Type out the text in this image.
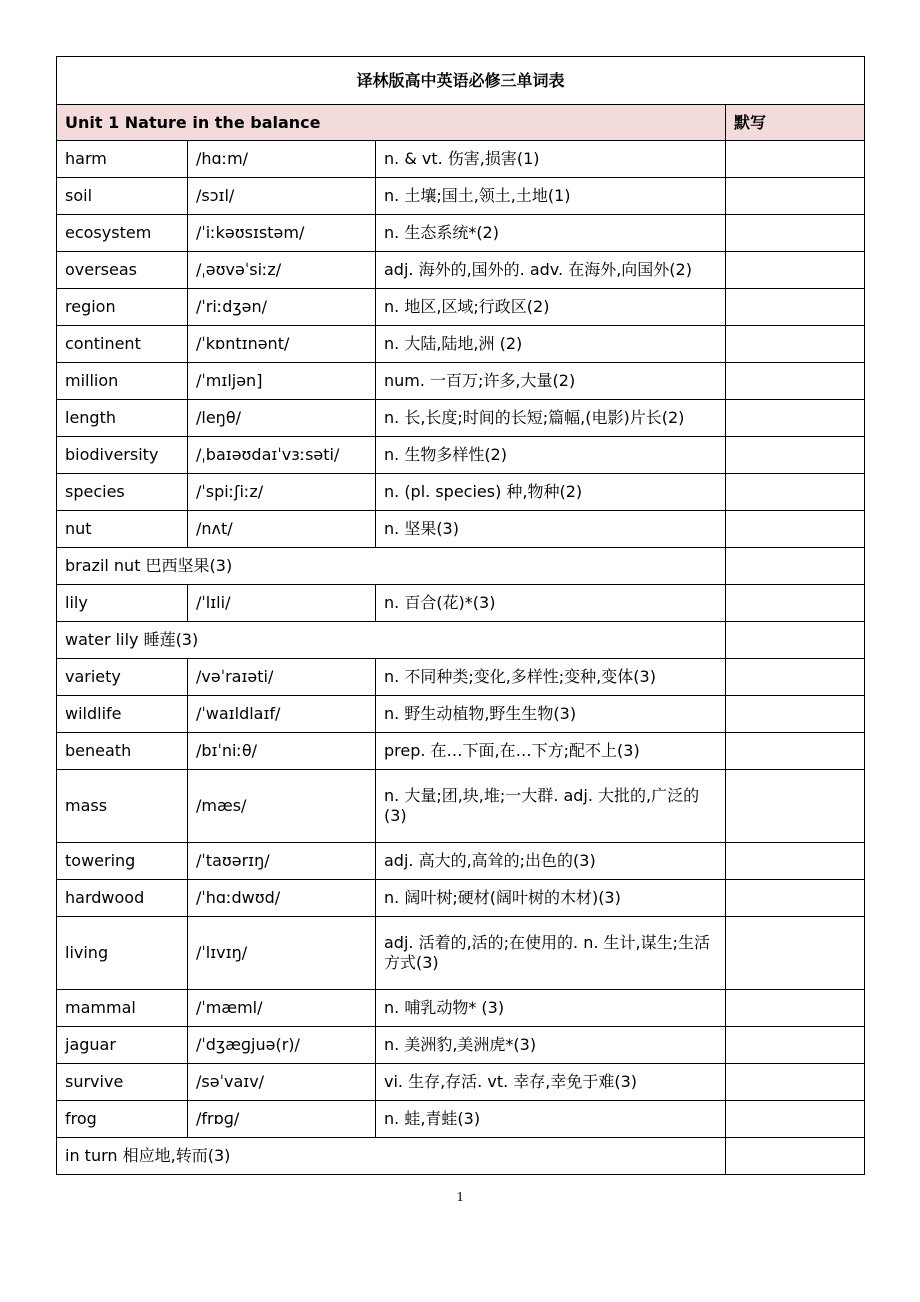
译林版高中英语必修三单词表			
Unit 1 Nature in the balance			默写
harm	/hɑːm/	n. & vt. 伤害,损害(1)	
soil	/sɔɪl/	n. 土壤;国土,领土,土地(1)	
ecosystem	/ˈiːkəʊsɪstəm/	n. 生态系统*(2)	
overseas	/ˌəʊvəˈsiːz/	adj. 海外的,国外的. adv. 在海外,向国外(2)	
region	/ˈriːdʒən/	n. 地区,区域;行政区(2)	
continent	/ˈkɒntɪnənt/	n. 大陆,陆地,洲 (2)	
million	/ˈmɪljən]	num. 一百万;许多,大量(2)	
length	/leŋθ/	n. 长,长度;时间的长短;篇幅,(电影)片长(2)	
biodiversity	/ˌbaɪəʊdaɪˈvɜːsəti/	n. 生物多样性(2)	
species	/ˈspiːʃiːz/	n. (pl. species) 种,物种(2)	
nut	/nʌt/	n. 坚果(3)	
brazil nut 巴西坚果(3)			
lily	/ˈlɪli/	n. 百合(花)*(3)	
water lily 睡莲(3)			
variety	/vəˈraɪəti/	n. 不同种类;变化,多样性;变种,变体(3)	
wildlife	/ˈwaɪldlaɪf/	n. 野生动植物,野生生物(3)	
beneath	/bɪˈniːθ/	prep. 在…下面,在…下方;配不上(3)	
mass	/mæs/	n. 大量;团,块,堆;一大群. adj. 大批的,广泛的(3)	
towering	/ˈtaʊərɪŋ/	adj. 高大的,高耸的;出色的(3)	
hardwood	/ˈhɑːdwʊd/	n. 阔叶树;硬材(阔叶树的木材)(3)	
living	/ˈlɪvɪŋ/	adj. 活着的,活的;在使用的. n. 生计,谋生;生活方式(3)	
mammal	/ˈmæml/	n. 哺乳动物* (3)	
jaguar	/ˈdʒæɡjuə(r)/	n. 美洲豹,美洲虎*(3)	
survive	/səˈvaɪv/	vi. 生存,存活. vt. 幸存,幸免于难(3)	
frog	/frɒɡ/	n. 蛙,青蛙(3)	
in turn 相应地,转而(3)			
1
